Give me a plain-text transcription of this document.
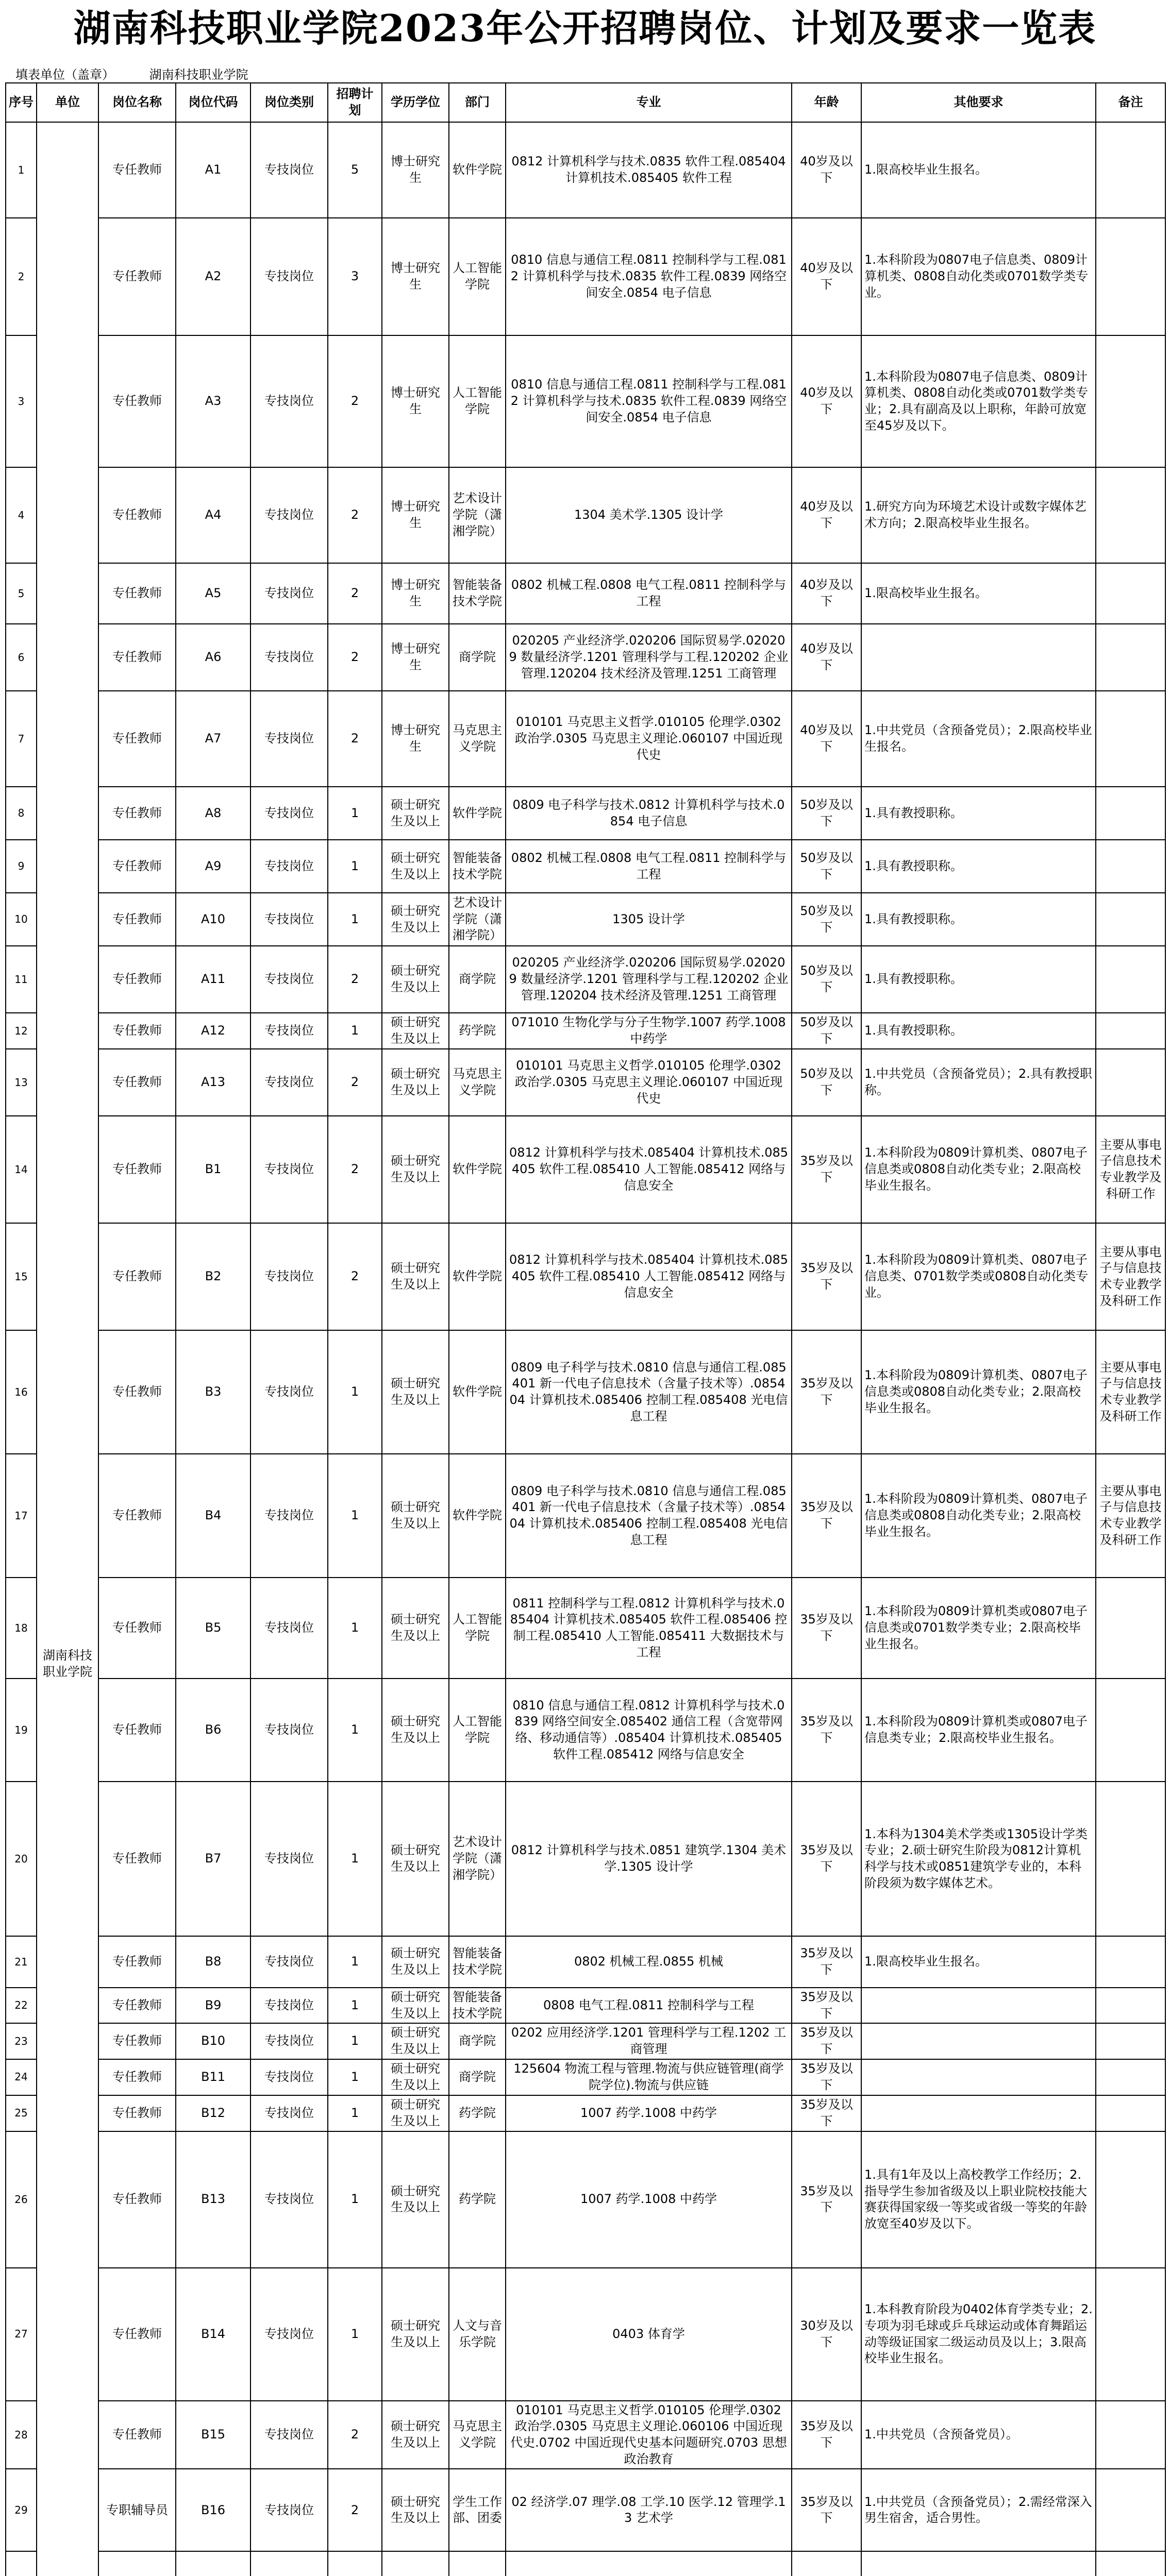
湖南科技职业学院2023年公开招聘岗位、计划及要求一览表
填表单位（盖章）	湖南科技职业学院
序号	单位	岗位名称	岗位代码	岗位类别	招聘计划	学历学位	部门	专业	年龄	其他要求	备注
1	湖南科技职业学院	专任教师	A1	专技岗位	5	博士研究生	软件学院	0812 计算机科学与技术.0835 软件工程.085404 计算机技术.085405 软件工程	40岁及以下	1.限高校毕业生报名。	
2		专任教师	A2	专技岗位	3	博士研究生	人工智能学院	0810 信息与通信工程.0811 控制科学与工程.0812 计算机科学与技术.0835 软件工程.0839 网络空间安全.0854 电子信息	40岁及以下	1.本科阶段为0807电子信息类、0809计算机类、0808自动化类或0701数学类专业。	
3		专任教师	A3	专技岗位	2	博士研究生	人工智能学院	0810 信息与通信工程.0811 控制科学与工程.0812 计算机科学与技术.0835 软件工程.0839 网络空间安全.0854 电子信息	40岁及以下	1.本科阶段为0807电子信息类、0809计算机类、0808自动化类或0701数学类专业；2.具有副高及以上职称，年龄可放宽至45岁及以下。	
4		专任教师	A4	专技岗位	2	博士研究生	艺术设计学院（潇湘学院）	1304 美术学.1305 设计学	40岁及以下	1.研究方向为环境艺术设计或数字媒体艺术方向；2.限高校毕业生报名。	
5		专任教师	A5	专技岗位	2	博士研究生	智能装备技术学院	0802 机械工程.0808 电气工程.0811 控制科学与工程	40岁及以下	1.限高校毕业生报名。	
6		专任教师	A6	专技岗位	2	博士研究生	商学院	020205 产业经济学.020206 国际贸易学.020209 数量经济学.1201 管理科学与工程.120202 企业管理.120204 技术经济及管理.1251 工商管理	40岁及以下		
7		专任教师	A7	专技岗位	2	博士研究生	马克思主义学院	010101 马克思主义哲学.010105 伦理学.0302 政治学.0305 马克思主义理论.060107 中国近现代史	40岁及以下	1.中共党员（含预备党员）；2.限高校毕业生报名。	
8		专任教师	A8	专技岗位	1	硕士研究生及以上	软件学院	0809 电子科学与技术.0812 计算机科学与技术.0854 电子信息	50岁及以下	1.具有教授职称。	
9		专任教师	A9	专技岗位	1	硕士研究生及以上	智能装备技术学院	0802 机械工程.0808 电气工程.0811 控制科学与工程	50岁及以下	1.具有教授职称。	
10		专任教师	A10	专技岗位	1	硕士研究生及以上	艺术设计学院（潇湘学院）	1305 设计学	50岁及以下	1.具有教授职称。	
11		专任教师	A11	专技岗位	2	硕士研究生及以上	商学院	020205 产业经济学.020206 国际贸易学.020209 数量经济学.1201 管理科学与工程.120202 企业管理.120204 技术经济及管理.1251 工商管理	50岁及以下	1.具有教授职称。	
12		专任教师	A12	专技岗位	1	硕士研究生及以上	药学院	071010 生物化学与分子生物学.1007 药学.1008 中药学	50岁及以下	1.具有教授职称。	
13		专任教师	A13	专技岗位	2	硕士研究生及以上	马克思主义学院	010101 马克思主义哲学.010105 伦理学.0302 政治学.0305 马克思主义理论.060107 中国近现代史	50岁及以下	1.中共党员（含预备党员）；2.具有教授职称。	
14		专任教师	B1	专技岗位	2	硕士研究生及以上	软件学院	0812 计算机科学与技术.085404 计算机技术.085405 软件工程.085410 人工智能.085412 网络与信息安全	35岁及以下	1.本科阶段为0809计算机类、0807电子信息类或0808自动化类专业；2.限高校毕业生报名。	主要从事电子信息技术专业教学及科研工作
15		专任教师	B2	专技岗位	2	硕士研究生及以上	软件学院	0812 计算机科学与技术.085404 计算机技术.085405 软件工程.085410 人工智能.085412 网络与信息安全	35岁及以下	1.本科阶段为0809计算机类、0807电子信息类、0701数学类或0808自动化类专业。	主要从事电子与信息技术专业教学及科研工作
16		专任教师	B3	专技岗位	1	硕士研究生及以上	软件学院	0809 电子科学与技术.0810 信息与通信工程.085401 新一代电子信息技术（含量子技术等）.085404 计算机技术.085406 控制工程.085408 光电信息工程	35岁及以下	1.本科阶段为0809计算机类、0807电子信息类或0808自动化类专业；2.限高校毕业生报名。	主要从事电子与信息技术专业教学及科研工作
17		专任教师	B4	专技岗位	1	硕士研究生及以上	软件学院	0809 电子科学与技术.0810 信息与通信工程.085401 新一代电子信息技术（含量子技术等）.085404 计算机技术.085406 控制工程.085408 光电信息工程	35岁及以下	1.本科阶段为0809计算机类、0807电子信息类或0808自动化类专业；2.限高校毕业生报名。	主要从事电子与信息技术专业教学及科研工作
18		专任教师	B5	专技岗位	1	硕士研究生及以上	人工智能学院	0811 控制科学与工程.0812 计算机科学与技术.085404 计算机技术.085405 软件工程.085406 控制工程.085410 人工智能.085411 大数据技术与工程	35岁及以下	1.本科阶段为0809计算机类或0807电子信息类或0701数学类专业；2.限高校毕业生报名。	
19		专任教师	B6	专技岗位	1	硕士研究生及以上	人工智能学院	0810 信息与通信工程.0812 计算机科学与技术.0839 网络空间安全.085402 通信工程（含宽带网络、移动通信等）.085404 计算机技术.085405 软件工程.085412 网络与信息安全	35岁及以下	1.本科阶段为0809计算机类或0807电子信息类专业；2.限高校毕业生报名。	
20		专任教师	B7	专技岗位	1	硕士研究生及以上	艺术设计学院（潇湘学院）	0812 计算机科学与技术.0851 建筑学.1304 美术学.1305 设计学	35岁及以下	1.本科为1304美术学类或1305设计学类专业；2.硕士研究生阶段为0812计算机科学与技术或0851建筑学专业的，本科阶段须为数字媒体艺术。	
21		专任教师	B8	专技岗位	1	硕士研究生及以上	智能装备技术学院	0802 机械工程.0855 机械	35岁及以下	1.限高校毕业生报名。	
22		专任教师	B9	专技岗位	1	硕士研究生及以上	智能装备技术学院	0808 电气工程.0811 控制科学与工程	35岁及以下		
23		专任教师	B10	专技岗位	1	硕士研究生及以上	商学院	0202 应用经济学.1201 管理科学与工程.1202 工商管理	35岁及以下		
24		专任教师	B11	专技岗位	1	硕士研究生及以上	商学院	125604 物流工程与管理.物流与供应链管理(商学院学位).物流与供应链	35岁及以下		
25		专任教师	B12	专技岗位	1	硕士研究生及以上	药学院	1007 药学.1008 中药学	35岁及以下		
26		专任教师	B13	专技岗位	1	硕士研究生及以上	药学院	1007 药学.1008 中药学	35岁及以下	1.具有1年及以上高校教学工作经历；2.指导学生参加省级及以上职业院校技能大赛获得国家级一等奖或省级一等奖的年龄放宽至40岁及以下。	
27		专任教师	B14	专技岗位	1	硕士研究生及以上	人文与音乐学院	0403 体育学	30岁及以下	1.本科教育阶段为0402体育学类专业；2.专项为羽毛球或乒乓球运动或体育舞蹈运动等级证国家二级运动员及以上；3.限高校毕业生报名。	
28		专任教师	B15	专技岗位	2	硕士研究生及以上	马克思主义学院	010101 马克思主义哲学.010105 伦理学.0302 政治学.0305 马克思主义理论.060106 中国近现代史.0702 中国近现代史基本问题研究.0703 思想政治教育	35岁及以下	1.中共党员（含预备党员）。	
29		专职辅导员	B16	专技岗位	2	硕士研究生及以上	学生工作部、团委	02 经济学.07 理学.08 工学.10 医学.12 管理学.13 艺术学	35岁及以下	1.中共党员（含预备党员）；2.需经常深入男生宿舍，适合男性。	
